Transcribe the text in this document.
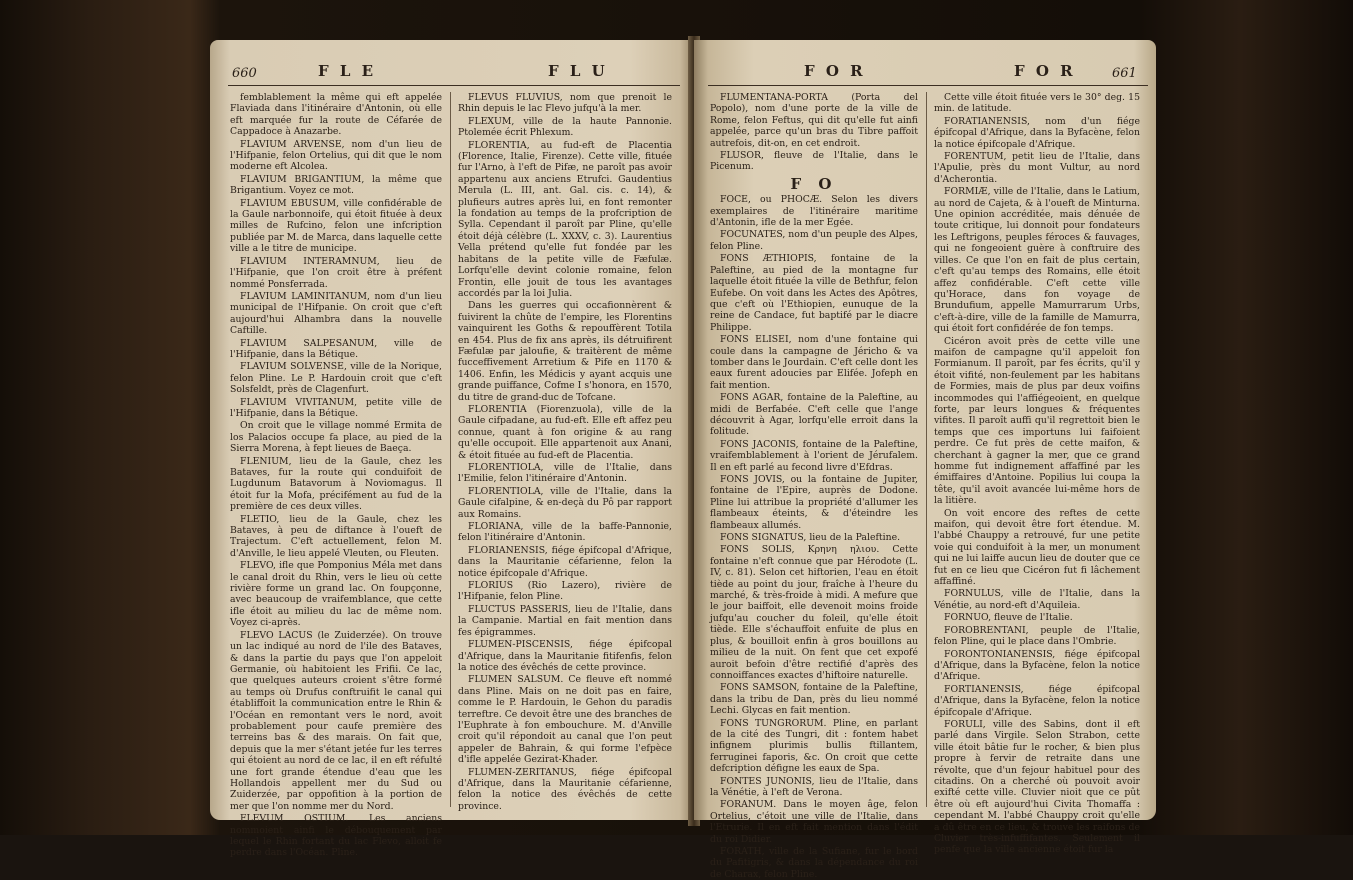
660	F L E	F L U

femblablement la même qui eft appelée Flaviada dans l'itinéraire d'Antonin, où elle eft marquée fur la route de Céfarée de Cappadoce à Anazarbe.

FLAVIUM ARVENSE, nom d'un lieu de l'Hifpanie, felon Ortelius, qui dit que le nom moderne eft Alcolea.

FLAVIUM BRIGANTIUM, la même que Brigantium. Voyez ce mot.

FLAVIUM EBUSUM, ville confidérable de la Gaule narbonnoife, qui étoit fituée à deux milles de Rufcino, felon une infcription publiée par M. de Marca, dans laquelle cette ville a le titre de municipe.

FLAVIUM INTERAMNUM, lieu de l'Hifpanie, que l'on croit être à préfent nommé Ponsferrada.

FLAVIUM LAMINITANUM, nom d'un lieu municipal de l'Hifpanie. On croit que c'eft aujourd'hui Alhambra dans la nouvelle Caftille.

FLAVIUM SALPESANUM, ville de l'Hifpanie, dans la Bétique.

FLAVIUM SOLVENSE, ville de la Norique, felon Pline. Le P. Hardouin croit que c'eft Solsfeldt, près de Clagenfurt.

FLAVIUM VIVITANUM, petite ville de l'Hifpanie, dans la Bétique.

On croit que le village nommé Ermita de los Palacios occupe fa place, au pied de la Sierra Morena, à fept lieues de Baeça.

FLENIUM, lieu de la Gaule, chez les Bataves, fur la route qui conduifoit de Lugdunum Batavorum à Noviomagus. Il étoit fur la Mofa, précifément au fud de la première de ces deux villes.

FLETIO, lieu de la Gaule, chez les Bataves, à peu de diftance à l'oueft de Trajectum. C'eft actuellement, felon M. d'Anville, le lieu appelé Vleuten, ou Fleuten.

FLEVO, ifle que Pomponius Méla met dans le canal droit du Rhin, vers le lieu où cette rivière forme un grand lac. On foupçonne, avec beaucoup de vraifemblance, que cette ifle étoit au milieu du lac de même nom. Voyez ci-après.

FLEVO LACUS (le Zuiderzée). On trouve un lac indiqué au nord de l'ile des Bataves, & dans la partie du pays que l'on appeloit Germanie, où habitoient les Frifii. Ce lac, que quelques auteurs croient s'être formé au temps où Drufus conftruifit le canal qui établiffoit la communication entre le Rhin & l'Océan en remontant vers le nord, avoit probablement pour caufe première des terreins bas & des marais. On fait que, depuis que la mer s'étant jetée fur les terres qui étoient au nord de ce lac, il en eft réfulté une fort grande étendue d'eau que les Hollandois appellent mer du Sud ou Zuiderzée, par oppofition à la portion de mer que l'on nomme mer du Nord.

FLEVUM OSTIUM. Les anciens nommoient ainfi le débouquement par lequel le Rhin fortant du lac Flevo, alloit fe perdre dans l'Océan. Pline.

FLEVUS FLUVIUS, nom que prenoit le Rhin depuis le lac Flevo jufqu'à la mer.

FLEXUM, ville de la haute Pannonie. Ptolemée écrit Phlexum.

FLORENTIA, au fud-eft de Placentia (Florence, Italie, Firenze). Cette ville, fituée fur l'Arno, à l'eft de Pifæ, ne paroît pas avoir appartenu aux anciens Etrufci. Gaudentius Merula (L. III, ant. Gal. cis. c. 14), & plufieurs autres après lui, en font remonter la fondation au temps de la profcription de Sylla. Cependant il paroît par Pline, qu'elle étoit déjà célèbre (L. XXXV, c. 3). Laurentius Vella prétend qu'elle fut fondée par les habitans de la petite ville de Fæfulæ. Lorfqu'elle devint colonie romaine, felon Frontin, elle jouit de tous les avantages accordés par la loi Julia.

Dans les guerres qui occafionnèrent & fuivirent la chûte de l'empire, les Florentins vainquirent les Goths & repouffèrent Totila en 454. Plus de fix ans après, ils détruifirent Fæfulæ par jaloufie, & traitèrent de même fucceffivement Arretium & Pife en 1170 & 1406. Enfin, les Médicis y ayant acquis une grande puiffance, Cofme I s'honora, en 1570, du titre de grand-duc de Tofcane.

FLORENTIA (Fiorenzuola), ville de la Gaule cifpadane, au fud-eft. Elle eft affez peu connue, quant à fon origine & au rang qu'elle occupoit. Elle appartenoit aux Anani, & étoit fituée au fud-eft de Placentia.

FLORENTIOLA, ville de l'Italie, dans l'Emilie, felon l'itinéraire d'Antonin.

FLORENTIOLA, ville de l'Italie, dans la Gaule cifalpine, & en-deçà du Pô par rapport aux Romains.

FLORIANA, ville de la baffe-Pannonie, felon l'itinéraire d'Antonin.

FLORIANENSIS, fiége épifcopal d'Afrique, dans la Mauritanie céfarienne, felon la notice épifcopale d'Afrique.

FLORIUS (Rio Lazero), rivière de l'Hifpanie, felon Pline.

FLUCTUS PASSERIS, lieu de l'Italie, dans la Campanie. Martial en fait mention dans fes épigrammes.

FLUMEN-PISCENSIS, fiége épifcopal d'Afrique, dans la Mauritanie fitifenfis, felon la notice des évêchés de cette province.

FLUMEN SALSUM. Ce fleuve eft nommé dans Pline. Mais on ne doit pas en faire, comme le P. Hardouin, le Gehon du paradis terreftre. Ce devoit être une des branches de l'Euphrate à fon embouchure. M. d'Anville croit qu'il répondoit au canal que l'on peut appeler de Bahrain, & qui forme l'efpèce d'ifle appelée Gezirat-Khader.

FLUMEN-ZERITANUS, fiége épifcopal d'Afrique, dans la Mauritanie céfarienne, felon la notice des évêchés de cette province.

F O R	F O R	661

FLUMENTANA-PORTA (Porta del Popolo), nom d'une porte de la ville de Rome, felon Feftus, qui dit qu'elle fut ainfi appelée, parce qu'un bras du Tibre paffoit autrefois, dit-on, en cet endroit.

FLUSOR, fleuve de l'Italie, dans le Picenum.

F O

FOCE, ou PHOCÆ. Selon les divers exemplaires de l'itinéraire maritime d'Antonin, ifle de la mer Egée.

FOCUNATES, nom d'un peuple des Alpes, felon Pline.

FONS ÆTHIOPIS, fontaine de la Paleftine, au pied de la montagne fur laquelle étoit fituée la ville de Bethfur, felon Eufebe. On voit dans les Actes des Apôtres, que c'eft où l'Ethiopien, eunuque de la reine de Candace, fut baptifé par le diacre Philippe.

FONS ELISEI, nom d'une fontaine qui coule dans la campagne de Jéricho & va tomber dans le Jourdain. C'eft celle dont les eaux furent adoucies par Elifée. Jofeph en fait mention.

FONS AGAR, fontaine de la Paleftine, au midi de Berfabée. C'eft celle que l'ange découvrit à Agar, lorfqu'elle erroit dans la folitude.

FONS JACONIS, fontaine de la Paleftine, vraifemblablement à l'orient de Jérufalem. Il en eft parlé au fecond livre d'Efdras.

FONS JOVIS, ou la fontaine de Jupiter, fontaine de l'Epire, auprès de Dodone. Pline lui attribue la propriété d'allumer les flambeaux éteints, & d'éteindre les flambeaux allumés.

FONS SIGNATUS, lieu de la Paleftine.

FONS SOLIS, Kρηνη ηλιου. Cette fontaine n'eft connue que par Hérodote (L. IV, c. 81). Selon cet hiftorien, l'eau en étoit tiède au point du jour, fraîche à l'heure du marché, & très-froide à midi. A mefure que le jour baiffoit, elle devenoit moins froide jufqu'au coucher du foleil, qu'elle étoit tiède. Elle s'échauffoit enfuite de plus en plus, & bouilloit enfin à gros bouillons au milieu de la nuit. On fent que cet expofé auroit befoin d'être rectifié d'après des connoiffances exactes d'hiftoire naturelle.

FONS SAMSON, fontaine de la Paleftine, dans la tribu de Dan, près du lieu nommé Lechi. Glycas en fait mention.

FONS TUNGRORUM. Pline, en parlant de la cité des Tungri, dit : fontem habet infignem plurimis bullis ftillantem, ferruginei faporis, &c. On croit que cette defcription défigne les eaux de Spa.

FONTES JUNONIS, lieu de l'Italie, dans la Vénétie, à l'eft de Verona.

FORANUM. Dans le moyen âge, felon Ortelius, c'étoit une ville de l'Italie, dans l'Etrurie. Il en eft fait mention dans l'édit du roi Didier.

FORATH, ville de la Sufiane, fur le bord du Pafitigris, & dans la dépendance du roi de Charax, felon Pline.

Cette ville étoit fituée vers le 30° deg. 15 min. de latitude.

FORATIANENSIS, nom d'un fiége épifcopal d'Afrique, dans la Byfacène, felon la notice épifcopale d'Afrique.

FORENTUM, petit lieu de l'Italie, dans l'Apulie, près du mont Vultur, au nord d'Acherontia.

FORMIÆ, ville de l'Italie, dans le Latium, au nord de Cajeta, & à l'oueft de Minturna. Une opinion accréditée, mais dénuée de toute critique, lui donnoit pour fondateurs les Leftrigons, peuples féroces & fauvages, qui ne fongeoient guère à conftruire des villes. Ce que l'on en fait de plus certain, c'eft qu'au temps des Romains, elle étoit affez confidérable. C'eft cette ville qu'Horace, dans fon voyage de Brundufium, appelle Mamurrarum Urbs, c'eft-à-dire, ville de la famille de Mamurra, qui étoit fort confidérée de fon temps.

Cicéron avoit près de cette ville une maifon de campagne qu'il appeloit fon Formianum. Il paroît, par fes écrits, qu'il y étoit vifité, non-feulement par les habitans de Formies, mais de plus par deux voifins incommodes qui l'affiégeoient, en quelque forte, par leurs longues & fréquentes vifites. Il paroît auffi qu'il regrettoit bien le temps que ces importuns lui faifoient perdre. Ce fut près de cette maifon, & cherchant à gagner la mer, que ce grand homme fut indignement affaffiné par les émiffaires d'Antoine. Popilius lui coupa la tête, qu'il avoit avancée lui-même hors de la litière.

On voit encore des reftes de cette maifon, qui devoit être fort étendue. M. l'abbé Chauppy a retrouvé, fur une petite voie qui conduifoit à la mer, un monument qui ne lui laiffe aucun lieu de douter que ce fut en ce lieu que Cicéron fut fi lâchement affaffiné.

FORNULUS, ville de l'Italie, dans la Vénétie, au nord-eft d'Aquileia.

FORNUO, fleuve de l'Italie.

FOROBRENTANI, peuple de l'Italie, felon Pline, qui le place dans l'Ombrie.

FORONTONIANENSIS, fiége épifcopal d'Afrique, dans la Byfacène, felon la notice d'Afrique.

FORTIANENSIS, fiége épifcopal d'Afrique, dans la Byfacène, felon la notice épifcopale d'Afrique.

FORULI, ville des Sabins, dont il eft parlé dans Virgile. Selon Strabon, cette ville étoit bâtie fur le rocher, & bien plus propre à fervir de retraite dans une révolte, que d'un fejour habituel pour des citadins. On a cherché où pouvoit avoir exifté cette ville. Cluvier nioit que ce pût être où eft aujourd'hui Civita Thomaffa : cependant M. l'abbé Chauppy croit qu'elle a dû être en ce lieu, & trouve les raifons de Cluvier très-infuffifantes. Seulement il penfe que la ville ancienne étoit fur la
